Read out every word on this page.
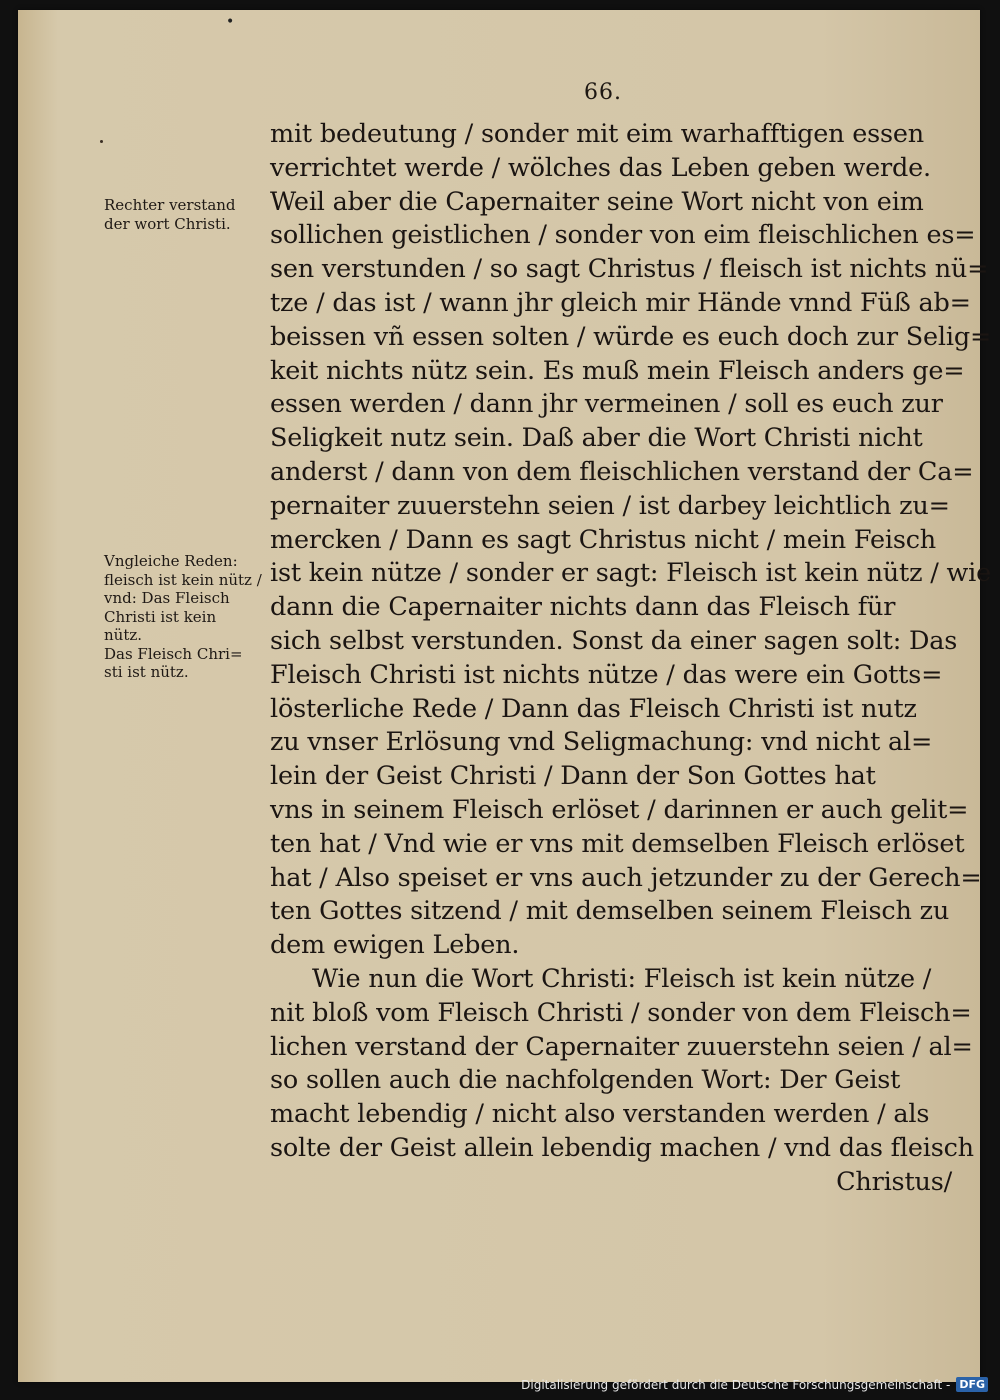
•
66.
Rechter verstand
der wort Christi.
Vngleiche Reden:
fleisch ist kein nütz /
vnd: Das Fleisch
Christi ist kein
nütz.
Das Fleisch Chri=
sti ist nütz.
mit bedeutung / sonder mit eim warhafftigen essen
verrichtet werde / wölches das Leben geben werde.
Weil aber die Capernaiter seine Wort nicht von eim
sollichen geistlichen / sonder von eim fleischlichen es=
sen verstunden / so sagt Christus / fleisch ist nichts nü=
tze / das ist / wann jhr gleich mir Hände vnnd Füß ab=
beissen vñ essen solten / würde es euch doch zur Selig=
keit nichts nütz sein. Es muß mein Fleisch anders ge=
essen werden / dann jhr vermeinen / soll es euch zur
Seligkeit nutz sein. Daß aber die Wort Christi nicht
anderst / dann von dem fleischlichen verstand der Ca=
pernaiter zuuerstehn seien / ist darbey leichtlich zu=
mercken / Dann es sagt Christus nicht / mein Feisch
ist kein nütze / sonder er sagt: Fleisch ist kein nütz / wie
dann die Capernaiter nichts dann das Fleisch für
sich selbst verstunden. Sonst da einer sagen solt: Das
Fleisch Christi ist nichts nütze / das were ein Gotts=
lösterliche Rede / Dann das Fleisch Christi ist nutz
zu vnser Erlösung vnd Seligmachung: vnd nicht al=
lein der Geist Christi / Dann der Son Gottes hat
vns in seinem Fleisch erlöset / darinnen er auch gelit=
ten hat / Vnd wie er vns mit demselben Fleisch erlöset
hat / Also speiset er vns auch jetzunder zu der Gerech=
ten Gottes sitzend / mit demselben seinem Fleisch zu
dem ewigen Leben.
Wie nun die Wort Christi: Fleisch ist kein nütze /
nit bloß vom Fleisch Christi / sonder von dem Fleisch=
lichen verstand der Capernaiter zuuerstehn seien / al=
so sollen auch die nachfolgenden Wort: Der Geist
macht lebendig / nicht also verstanden werden / als
solte der Geist allein lebendig machen / vnd das fleisch
Christus/
Digitalisierung gefördert durch die Deutsche Forschungsgemeinschaft - DFG
